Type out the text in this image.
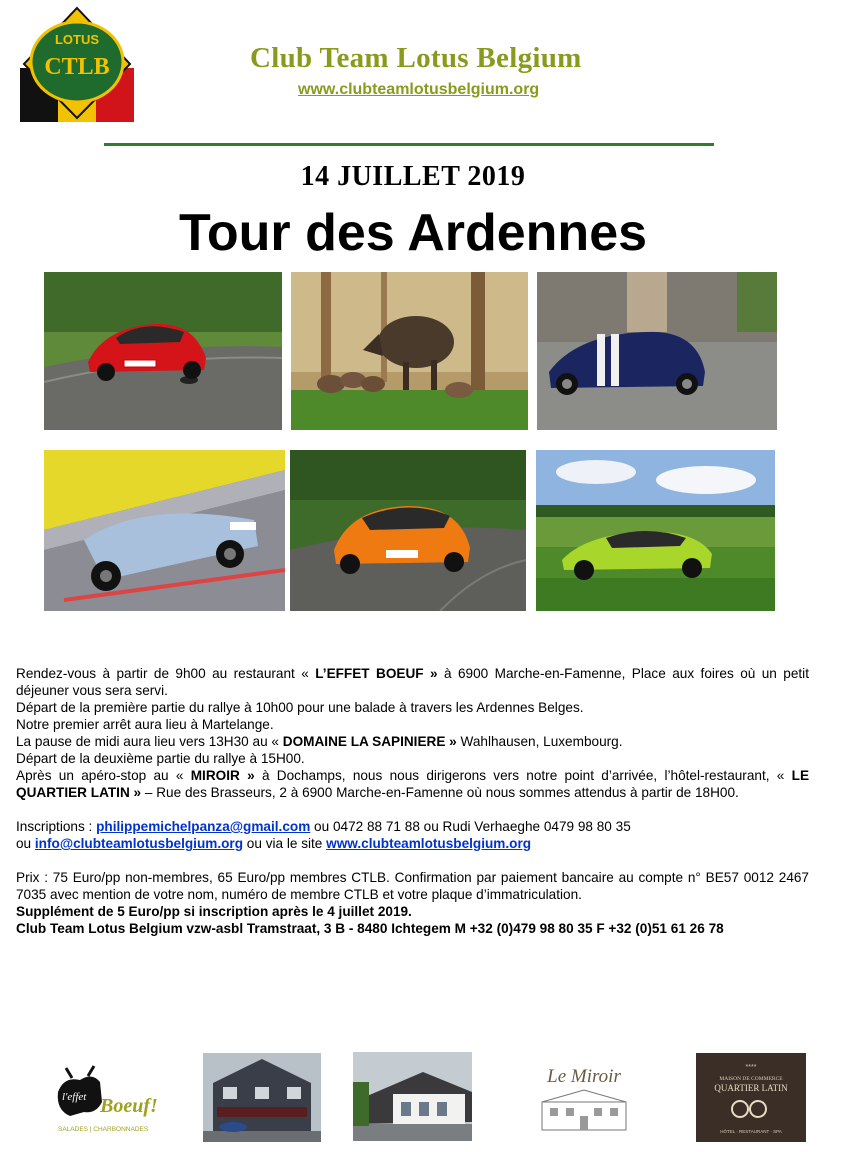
LOTUS
CTLB	Club Team Lotus Belgium
www.clubteamlotusbelgium.org
14 JUILLET 2019
Tour des Ardennes

Rendez-vous à partir de 9h00 au restaurant « L’EFFET BOEUF » à 6900 Marche-en-Famenne, Place aux foires où un petit déjeuner vous sera servi.

Départ de la première partie du rallye à 10h00 pour une balade à travers les Ardennes Belges.

Notre premier arrêt aura lieu à Martelange.

La pause de midi aura lieu vers 13H30 au « DOMAINE LA SAPINIERE » Wahlhausen, Luxembourg.

Départ de la deuxième partie du rallye à 15H00.

Après un apéro-stop au « MIROIR » à Dochamps, nous nous dirigerons vers notre point d’arrivée, l’hôtel-restaurant, « LE QUARTIER LATIN » – Rue des Brasseurs, 2 à 6900 Marche-en-Famenne où nous sommes attendus à partir de 18H00.

Inscriptions : philippemichelpanza@gmail.com ou 0472 88 71 88 ou Rudi Verhaeghe 0479 98 80 35

ou info@clubteamlotusbelgium.org ou via le site www.clubteamlotusbelgium.org

Prix : 75 Euro/pp non-membres, 65 Euro/pp membres CTLB. Confirmation par paiement bancaire au compte n° BE57 0012 2467 7035 avec mention de votre nom, numéro de membre CTLB et votre plaque d’immatriculation.

Supplément de 5 Euro/pp si inscription après le 4 juillet 2019.

Club Team Lotus Belgium vzw-asbl Tramstraat, 3 B - 8480 Ichtegem M +32 (0)479 98 80 35 F +32 (0)51 61 26 78

l'effet Boeuf!
SALADES | CHARBONNADES
Le Miroir	****
MAISON DE COMMERCE
QUARTIER LATIN
HÔTEL · RESTAURANT · SPA
